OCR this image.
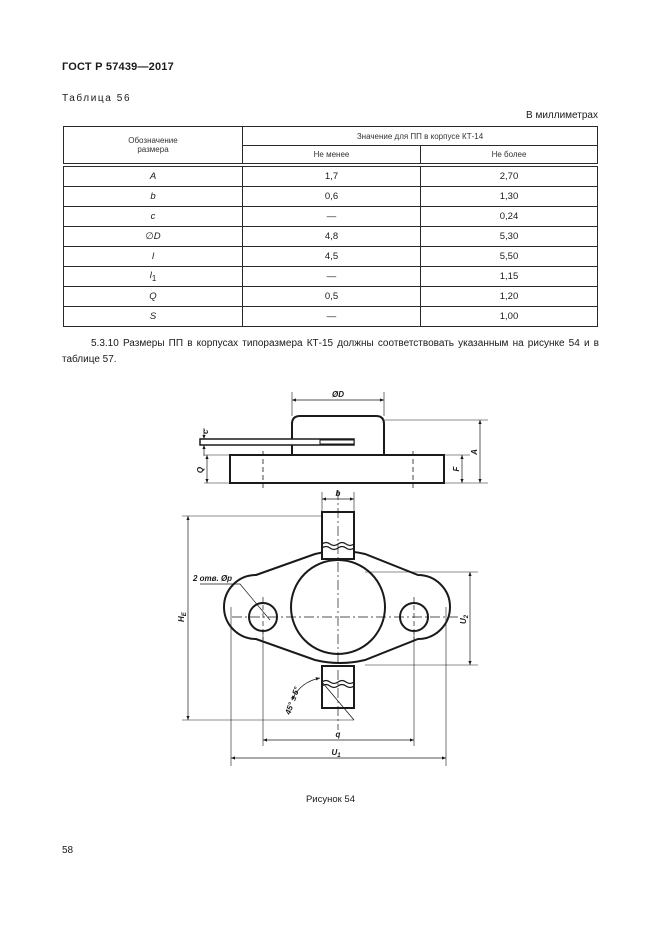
ГОСТ Р 57439—2017
Таблица 56
В миллиметрах
Обозначение размера	Значение для ПП в корпусе КТ-14	
	Не менее	Не более

A	1,7	2,70
b	0,6	1,30
c	—	0,24
∅D	4,8	5,30
l	4,5	5,50
$l_1$	—	1,15
Q	0,5	1,20
S	—	1,00
5.3.10 Размеры ПП в корпусах типоразмера КТ-15 должны соответствовать указанным на рисунке 54 и в таблице 57.
ØD
c
Q	F
A
b
2 отв. Øp
$H_E$
$U_2$
45° ± 5°
q
$U_1$
Рисунок 54
58
